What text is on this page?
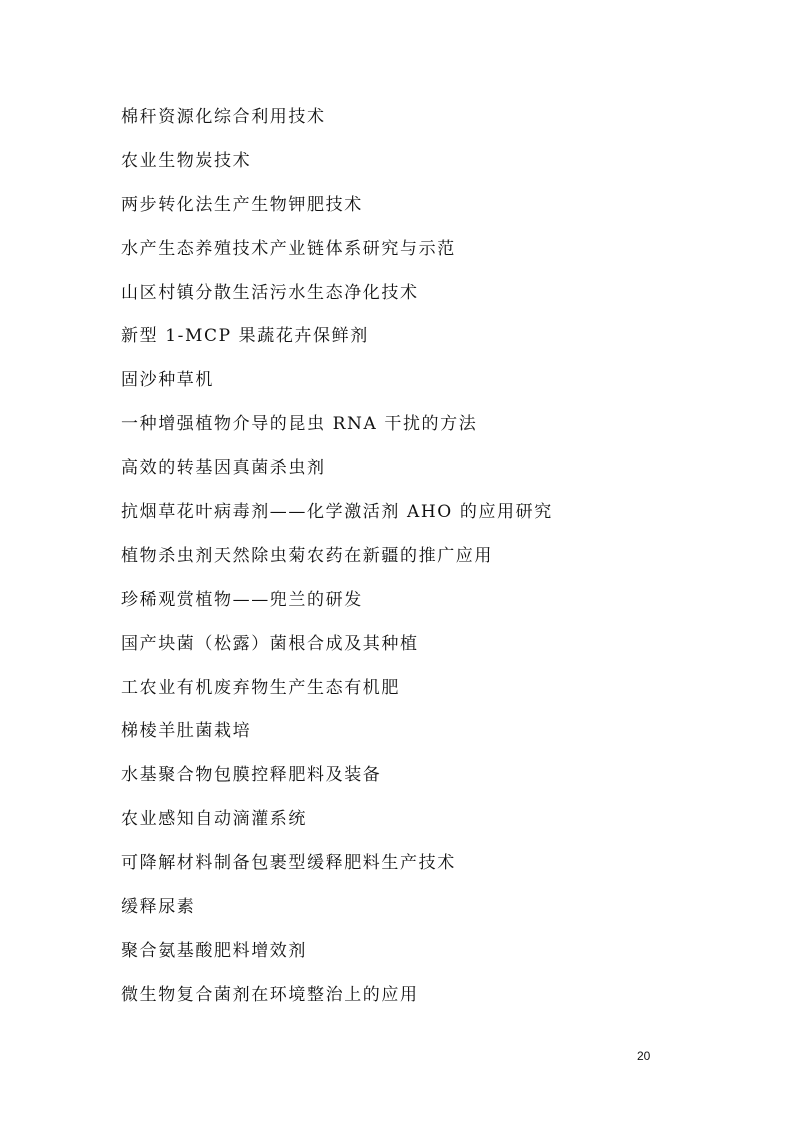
棉秆资源化综合利用技术
农业生物炭技术
两步转化法生产生物钾肥技术
水产生态养殖技术产业链体系研究与示范
山区村镇分散生活污水生态净化技术
新型 1-MCP 果蔬花卉保鲜剂
固沙种草机
一种增强植物介导的昆虫 RNA 干扰的方法
高效的转基因真菌杀虫剂
抗烟草花叶病毒剂——化学激活剂 AHO 的应用研究
植物杀虫剂天然除虫菊农药在新疆的推广应用
珍稀观赏植物——兜兰的研发
国产块菌（松露）菌根合成及其种植
工农业有机废弃物生产生态有机肥
梯棱羊肚菌栽培
水基聚合物包膜控释肥料及装备
农业感知自动滴灌系统
可降解材料制备包裹型缓释肥料生产技术
缓释尿素
聚合氨基酸肥料增效剂
微生物复合菌剂在环境整治上的应用
20
